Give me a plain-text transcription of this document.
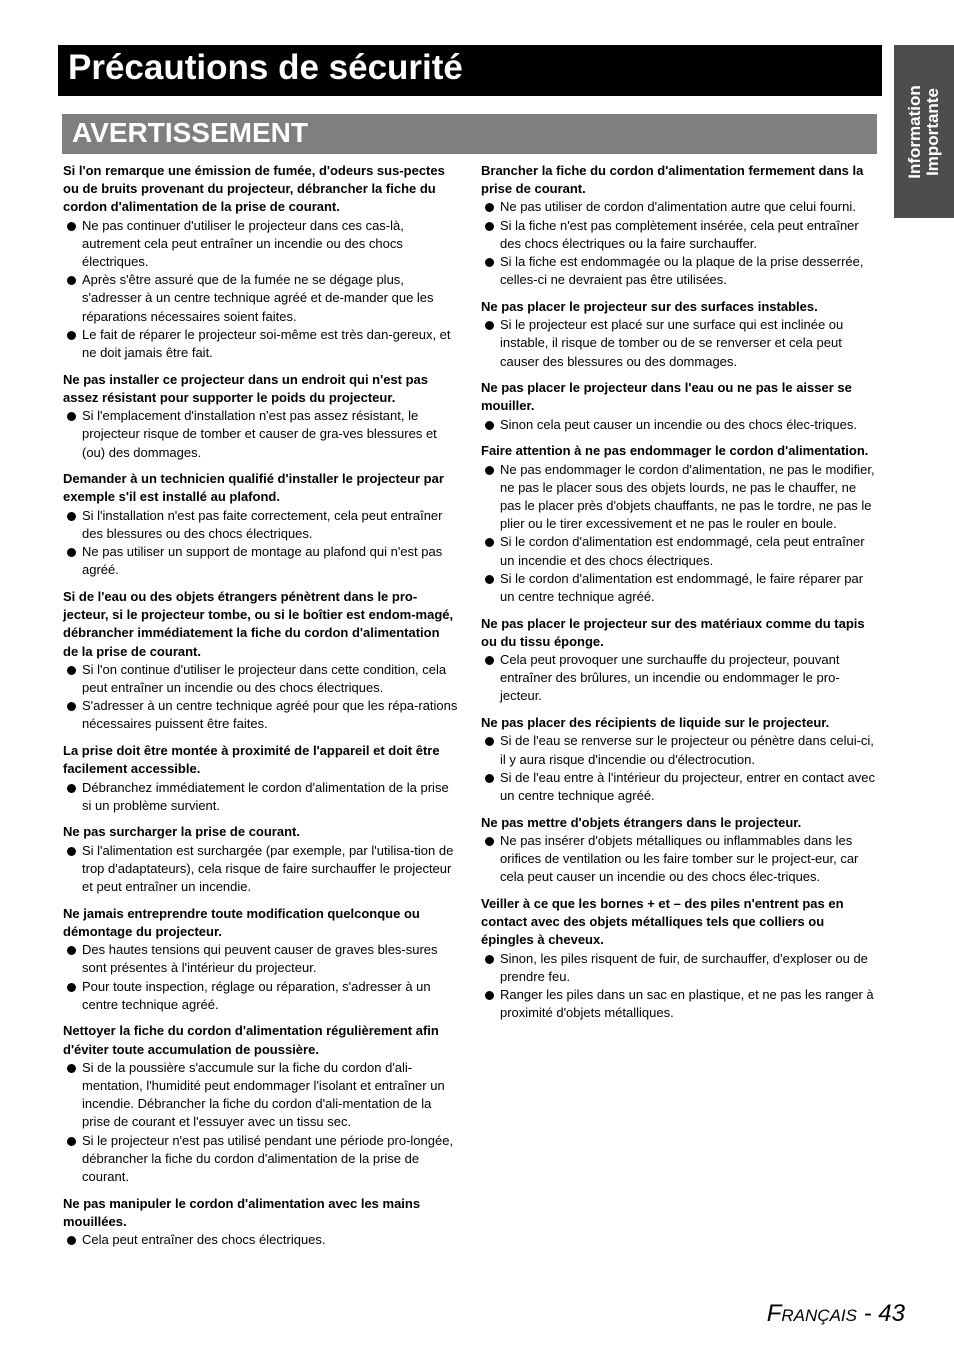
Précautions de sécurité
Information Importante
AVERTISSEMENT
Si l'on remarque une émission de fumée, d'odeurs sus-pectes ou de bruits provenant du projecteur, débrancher la fiche du cordon d'alimentation de la prise de courant.
Ne pas continuer d'utiliser le projecteur dans ces cas-là, autrement cela peut entraîner un incendie ou des chocs électriques.
Après s'être assuré que de la fumée ne se dégage plus, s'adresser à un centre technique agréé et de-mander que les réparations nécessaires soient faites.
Le fait de réparer le projecteur soi-même est très dan-gereux, et ne doit jamais être fait.
Ne pas installer ce projecteur dans un endroit qui n'est pas assez résistant pour supporter le poids du projecteur.
Si l'emplacement d'installation n'est pas assez résistant, le projecteur risque de tomber et causer de gra-ves blessures et (ou) des dommages.
Demander à un technicien qualifié d'installer le projecteur par exemple s'il est installé au plafond.
Si l'installation n'est pas faite correctement, cela peut entraîner des blessures ou des chocs électriques.
Ne pas utiliser un support de montage au plafond qui n'est pas agréé.
Si de l'eau ou des objets étrangers pénètrent dans le pro-jecteur, si le projecteur tombe, ou si le boîtier est endom-magé, débrancher immédiatement la fiche du cordon d'alimentation de la prise de courant.
Si l'on continue d'utiliser le projecteur dans cette condition, cela peut entraîner un incendie ou des chocs électriques.
S'adresser à un centre technique agréé pour que les répa-rations nécessaires puissent être faites.
La prise doit être montée à proximité de l'appareil et doit être facilement accessible.
Débranchez immédiatement le cordon d'alimentation de la prise si un problème survient.
Ne pas surcharger la prise de courant.
Si l'alimentation est surchargée (par exemple, par l'utilisa-tion de trop d'adaptateurs), cela risque de faire surchauffer le projecteur et peut entraîner un incendie.
Ne jamais entreprendre toute modification quelconque ou démontage du projecteur.
Des hautes tensions qui peuvent causer de graves bles-sures sont présentes à l'intérieur du projecteur.
Pour toute inspection, réglage ou réparation, s'adresser à un centre technique agréé.
Nettoyer la fiche du cordon d'alimentation régulièrement afin d'éviter toute accumulation de poussière.
Si de la poussière s'accumule sur la fiche du cordon d'ali-mentation, l'humidité peut endommager l'isolant et entraîner un incendie. Débrancher la fiche du cordon d'ali-mentation de la prise de courant et l'essuyer avec un tissu sec.
Si le projecteur n'est pas utilisé pendant une période pro-longée, débrancher la fiche du cordon d'alimentation de la prise de courant.
Ne pas manipuler le cordon d'alimentation avec les mains mouillées.
Cela peut entraîner des chocs électriques.
Brancher la fiche du cordon d'alimentation fermement dans la prise de courant.
Ne pas utiliser de cordon d'alimentation autre que celui fourni.
Si la fiche n'est pas complètement insérée, cela peut entraîner des chocs électriques ou la faire surchauffer.
Si la fiche est endommagée ou la plaque de la prise desserrée, celles-ci ne devraient pas être utilisées.
Ne pas placer le projecteur sur des surfaces instables.
Si le projecteur est placé sur une surface qui est inclinée ou instable, il risque de tomber ou de se renverser et cela peut causer des blessures ou des dommages.
Ne pas placer le projecteur dans l'eau ou ne pas le aisser se mouiller.
Sinon cela peut causer un incendie ou des chocs élec-triques.
Faire attention à ne pas endommager le cordon d'alimentation.
Ne pas endommager le cordon d'alimentation, ne pas le modifier, ne pas le placer sous des objets lourds, ne pas le chauffer, ne pas le placer près d'objets chauffants, ne pas le tordre, ne pas le plier ou le tirer excessivement et ne pas le rouler en boule.
Si le cordon d'alimentation est endommagé, cela peut entraîner un incendie et des chocs électriques.
Si le cordon d'alimentation est endommagé, le faire réparer par un centre technique agréé.
Ne pas placer le projecteur sur des matériaux comme du tapis ou du tissu éponge.
Cela peut provoquer une surchauffe du projecteur, pouvant entraîner des brûlures, un incendie ou endommager le pro-jecteur.
Ne pas placer des récipients de liquide sur le projecteur.
Si de l'eau se renverse sur le projecteur ou pénètre dans celui-ci, il y aura risque d'incendie ou d'électrocution.
Si de l'eau entre à l'intérieur du projecteur, entrer en contact avec un centre technique agréé.
Ne pas mettre d'objets étrangers dans le projecteur.
Ne pas insérer d'objets métalliques ou inflammables dans les orifices de ventilation ou les faire tomber sur le project-eur, car cela peut causer un incendie ou des chocs élec-triques.
Veiller à ce que les bornes + et – des piles n'entrent pas en contact avec des objets métalliques tels que colliers ou épingles à cheveux.
Sinon, les piles risquent de fuir, de surchauffer, d'exploser ou de prendre feu.
Ranger les piles dans un sac en plastique, et ne pas les ranger à proximité d'objets métalliques.
Français - 43
